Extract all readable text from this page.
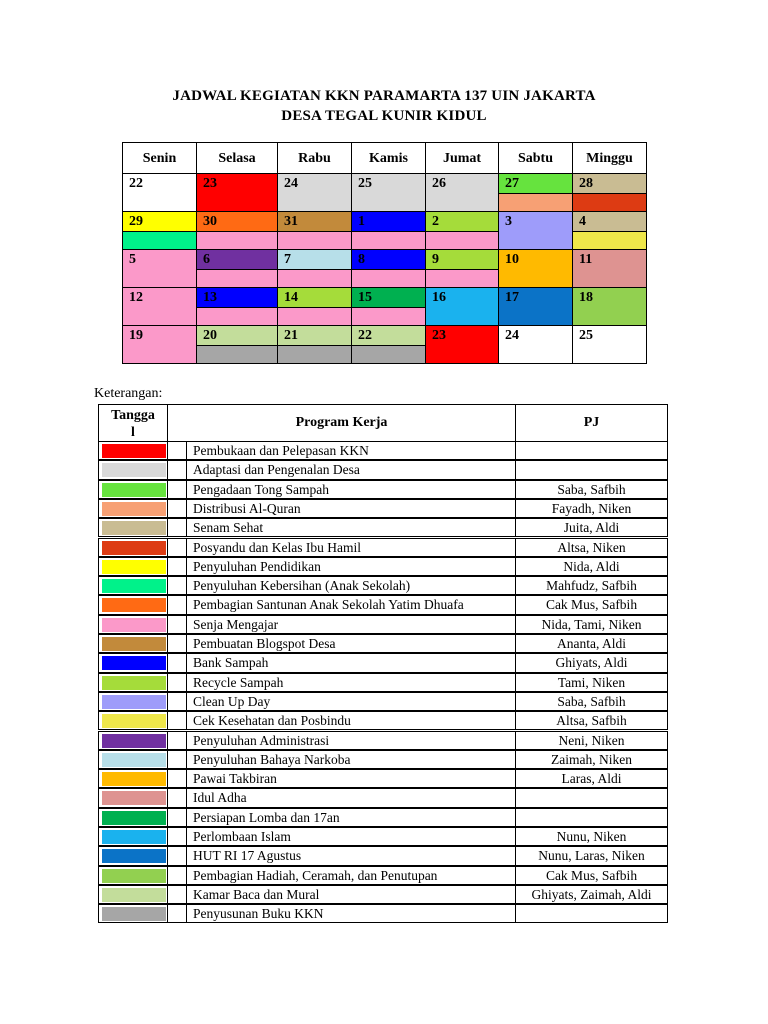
JADWAL KEGIATAN KKN PARAMARTA 137 UIN JAKARTA
DESA TEGAL KUNIR KIDUL
Senin	Selasa	Rabu	Kamis	Jumat	Sabtu	Minggu
22	23	24	25	26	27	28
29	30	31	1	2	3	4
5	6	7	8	9	10	11
12	13	14	15	16	17	18
19	20	21	22	23	24	25
Keterangan:
Tangga
l
Program Kerja	PJ
Pembukaan dan Pelepasan KKN
Adaptasi dan Pengenalan Desa
Pengadaan Tong Sampah	Saba, Safbih
Distribusi Al-Quran	Fayadh, Niken
Senam Sehat	Juita, Aldi
Posyandu dan Kelas Ibu Hamil	Altsa, Niken
Penyuluhan Pendidikan	Nida, Aldi
Penyuluhan Kebersihan (Anak Sekolah)	Mahfudz, Safbih
Pembagian Santunan Anak Sekolah Yatim Dhuafa	Cak Mus, Safbih
Senja Mengajar	Nida, Tami, Niken
Pembuatan Blogspot Desa	Ananta, Aldi
Bank Sampah	Ghiyats, Aldi
Recycle Sampah	Tami, Niken
Clean Up Day	Saba, Safbih
Cek Kesehatan dan Posbindu	Altsa, Safbih
Penyuluhan Administrasi	Neni, Niken
Penyuluhan Bahaya Narkoba	Zaimah, Niken
Pawai Takbiran	Laras, Aldi
Idul Adha
Persiapan Lomba dan 17an
Perlombaan Islam	Nunu, Niken
HUT RI 17 Agustus	Nunu, Laras, Niken
Pembagian Hadiah, Ceramah, dan Penutupan	Cak Mus, Safbih
Kamar Baca dan Mural	Ghiyats, Zaimah, Aldi
Penyusunan Buku KKN
